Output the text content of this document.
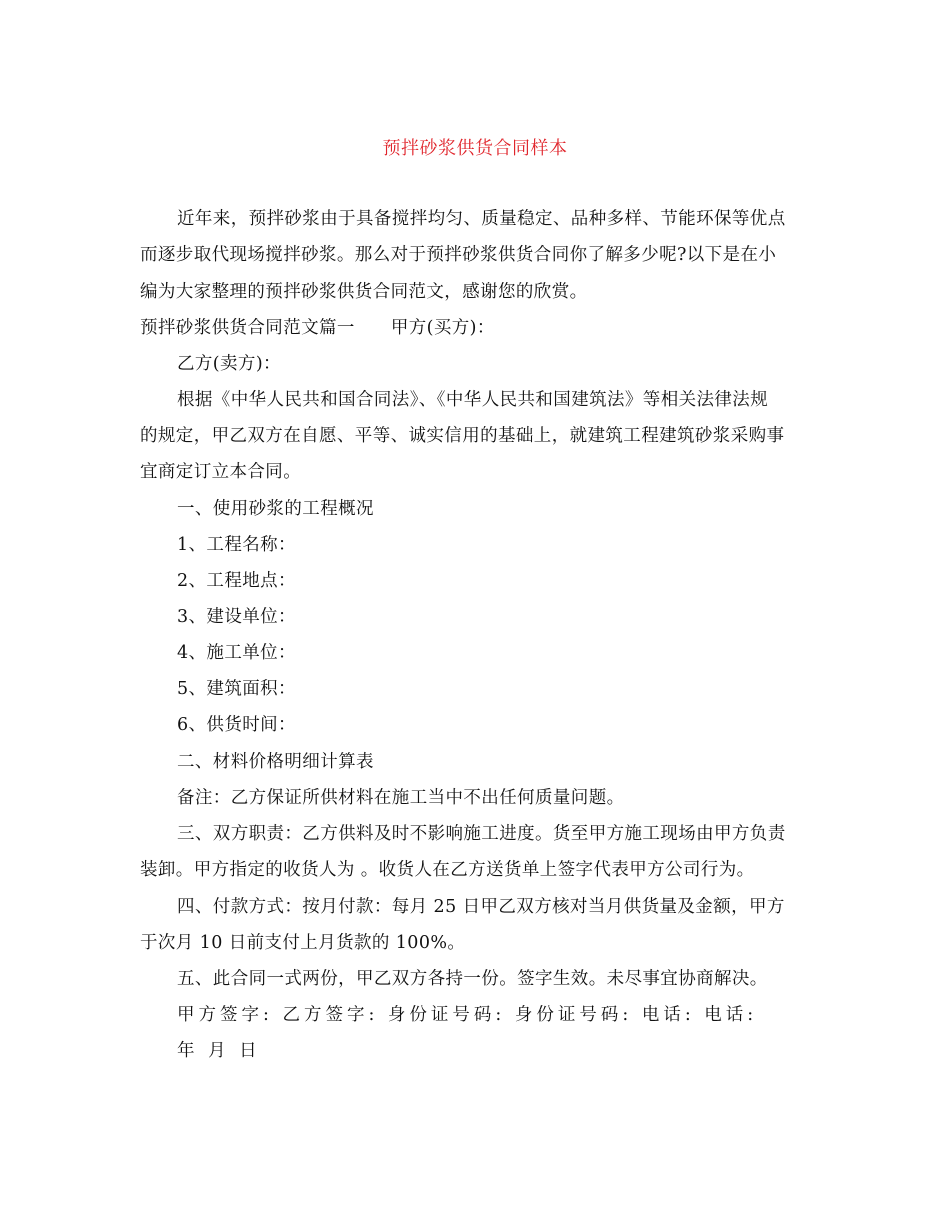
预拌砂浆供货合同样本
近年来，预拌砂浆由于具备搅拌均匀、质量稳定、品种多样、节能环保等优点
而逐步取代现场搅拌砂浆。那么对于预拌砂浆供货合同你了解多少呢?以下是在小
编为大家整理的预拌砂浆供货合同范文，感谢您的欣赏。
预拌砂浆供货合同范文篇一 甲方(买方)：
乙方(卖方)：
根据《中华人民共和国合同法》、《中华人民共和国建筑法》等相关法律法规
的规定，甲乙双方在自愿、平等、诚实信用的基础上，就建筑工程建筑砂浆采购事
宜商定订立本合同。
一、使用砂浆的工程概况
1、工程名称：
2、工程地点：
3、建设单位：
4、施工单位：
5、建筑面积：
6、供货时间：
二、材料价格明细计算表
备注：乙方保证所供材料在施工当中不出任何质量问题。
三、双方职责：乙方供料及时不影响施工进度。货至甲方施工现场由甲方负责
装卸。甲方指定的收货人为 。收货人在乙方送货单上签字代表甲方公司行为。
四、付款方式：按月付款：每月 25 日甲乙双方核对当月供货量及金额，甲方
于次月 10 日前支付上月货款的 100%。
五、此合同一式两份，甲乙双方各持一份。签字生效。未尽事宜协商解决。
甲方签字: 乙方签字: 身份证号码: 身份证号码: 电话: 电话:
年 月 日
